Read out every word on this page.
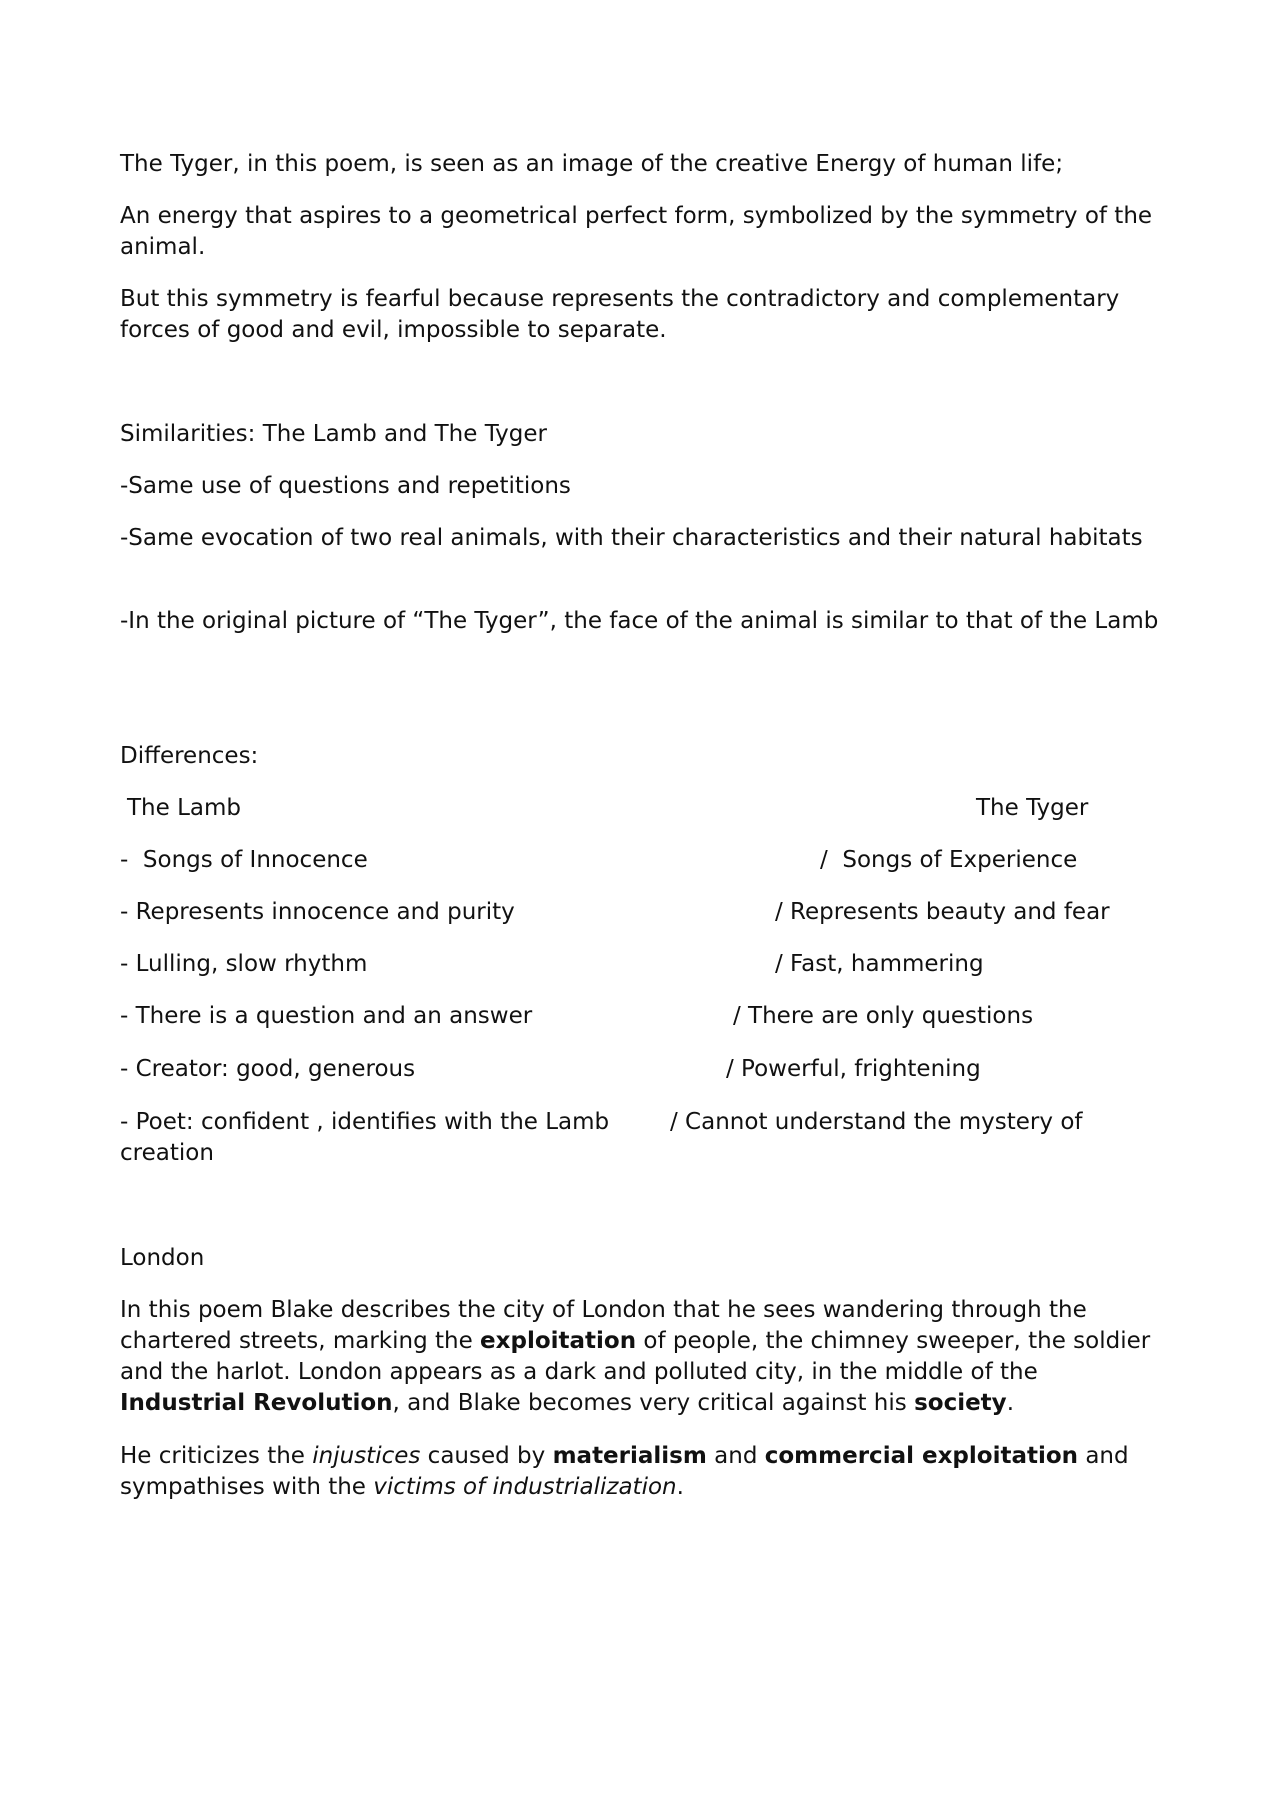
The Tyger, in this poem, is seen as an image of the creative Energy of human life;

An energy that aspires to a geometrical perfect form, symbolized by the symmetry of the animal.

But this symmetry is fearful because represents the contradictory and complementary forces of good and evil, impossible to separate.

Similarities: The Lamb and The Tyger

-Same use of questions and repetitions

-Same evocation of two real animals, with their characteristics and their natural habitats

-In the original picture of “The Tyger”, the face of the animal is similar to that of the Lamb

Differences:

The Lamb	The Tyger

-  Songs of Innocence	/  Songs of Experience

- Represents innocence and purity	/ Represents beauty and fear

- Lulling, slow rhythm	/ Fast, hammering

- There is a question and an answer	/ There are only questions

- Creator: good, generous	/ Powerful, frightening

- Poet: confident , identifies with the Lamb	/ Cannot understand the mystery of

creation

London

In this poem Blake describes the city of London that he sees wandering through the chartered streets, marking the exploitation of people, the chimney sweeper, the soldier and the harlot. London appears as a dark and polluted city, in the middle of the Industrial Revolution, and Blake becomes very critical against his society.

He criticizes the injustices caused by materialism and commercial exploitation and sympathises with the victims of industrialization.
